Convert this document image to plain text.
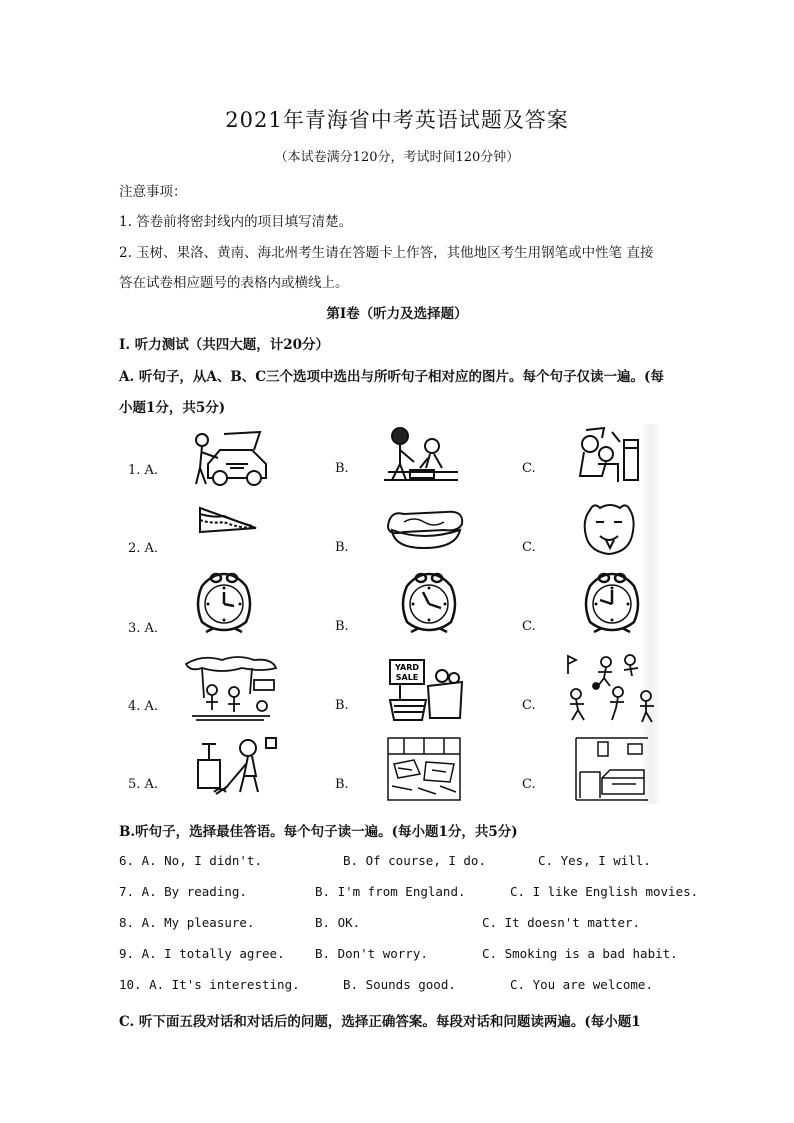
2021年青海省中考英语试题及答案
（本试卷满分120分，考试时间120分钟）
注意事项：
1. 答卷前将密封线内的项目填写清楚。
2. 玉树、果洛、黄南、海北州考生请在答题卡上作答，其他地区考生用钢笔或中性笔 直接
答在试卷相应题号的表格内或横线上。
第Ⅰ卷（听力及选择题）
Ⅰ. 听力测试（共四大题，计20分）
A. 听句子，从A、B、C三个选项中选出与所听句子相对应的图片。每个句子仅读一遍。(每
小题1分，共5分)
1. A.	B.	C.
2. A.	B.	C.
3. A.	B.	C.
4. A.	B.	C.
5. A.	B.	C.
YARD
SALE
B.听句子，选择最佳答语。每个句子读一遍。(每小题1分，共5分)
6. A. No, I didn't.	B. Of course, I do.	C. Yes, I will.
7. A. By reading.	B. I'm from England.	C. I like English movies.
8. A. My pleasure.	B. OK.	C. It doesn't matter.
9. A. I totally agree. B. Don't worry.	C. Smoking is a bad habit.
10. A. It's interesting.	B. Sounds good.	C. You are welcome.
C. 听下面五段对话和对话后的问题，选择正确答案。每段对话和问题读两遍。(每小题1
